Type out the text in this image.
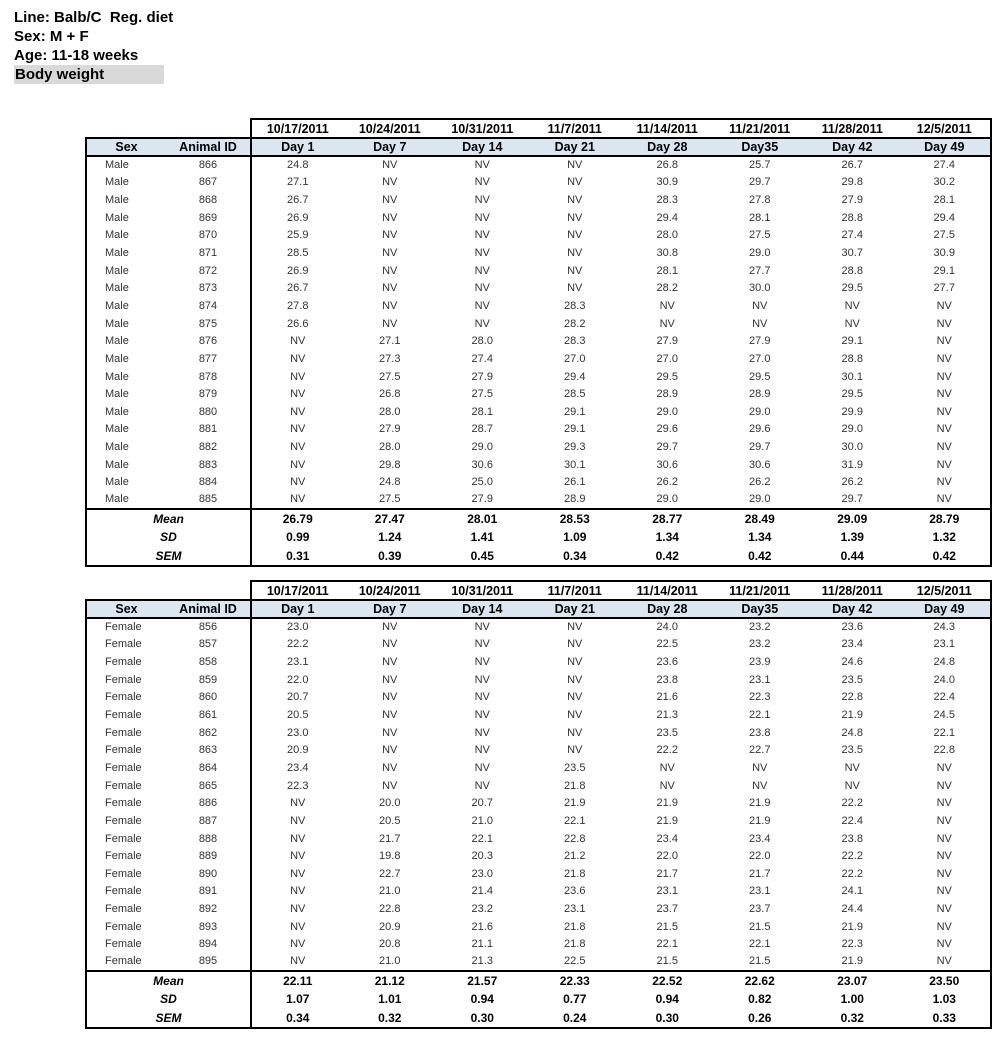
Line: Balb/C  Reg. diet
Sex: M + F
Age: 11-18 weeks
Body weight
		10/17/2011	10/24/2011	10/31/2011	11/7/2011	11/14/2011	11/21/2011	11/28/2011	12/5/2011
Sex	Animal ID	Day 1	Day 7	Day 14	Day 21	Day 28	Day35	Day 42	Day 49
Male	866	24.8	NV	NV	NV	26.8	25.7	26.7	27.4
Male	867	27.1	NV	NV	NV	30.9	29.7	29.8	30.2
Male	868	26.7	NV	NV	NV	28.3	27.8	27.9	28.1
Male	869	26.9	NV	NV	NV	29.4	28.1	28.8	29.4
Male	870	25.9	NV	NV	NV	28.0	27.5	27.4	27.5
Male	871	28.5	NV	NV	NV	30.8	29.0	30.7	30.9
Male	872	26.9	NV	NV	NV	28.1	27.7	28.8	29.1
Male	873	26.7	NV	NV	NV	28.2	30.0	29.5	27.7
Male	874	27.8	NV	NV	28.3	NV	NV	NV	NV
Male	875	26.6	NV	NV	28.2	NV	NV	NV	NV
Male	876	NV	27.1	28.0	28.3	27.9	27.9	29.1	NV
Male	877	NV	27.3	27.4	27.0	27.0	27.0	28.8	NV
Male	878	NV	27.5	27.9	29.4	29.5	29.5	30.1	NV
Male	879	NV	26.8	27.5	28.5	28.9	28.9	29.5	NV
Male	880	NV	28.0	28.1	29.1	29.0	29.0	29.9	NV
Male	881	NV	27.9	28.7	29.1	29.6	29.6	29.0	NV
Male	882	NV	28.0	29.0	29.3	29.7	29.7	30.0	NV
Male	883	NV	29.8	30.6	30.1	30.6	30.6	31.9	NV
Male	884	NV	24.8	25.0	26.1	26.2	26.2	26.2	NV
Male	885	NV	27.5	27.9	28.9	29.0	29.0	29.7	NV
Mean		26.79	27.47	28.01	28.53	28.77	28.49	29.09	28.79
SD		0.99	1.24	1.41	1.09	1.34	1.34	1.39	1.32
SEM		0.31	0.39	0.45	0.34	0.42	0.42	0.44	0.42
		10/17/2011	10/24/2011	10/31/2011	11/7/2011	11/14/2011	11/21/2011	11/28/2011	12/5/2011
Sex	Animal ID	Day 1	Day 7	Day 14	Day 21	Day 28	Day35	Day 42	Day 49
Female	856	23.0	NV	NV	NV	24.0	23.2	23.6	24.3
Female	857	22.2	NV	NV	NV	22.5	23.2	23.4	23.1
Female	858	23.1	NV	NV	NV	23.6	23.9	24.6	24.8
Female	859	22.0	NV	NV	NV	23.8	23.1	23.5	24.0
Female	860	20.7	NV	NV	NV	21.6	22.3	22.8	22.4
Female	861	20.5	NV	NV	NV	21.3	22.1	21.9	24.5
Female	862	23.0	NV	NV	NV	23.5	23.8	24.8	22.1
Female	863	20.9	NV	NV	NV	22.2	22.7	23.5	22.8
Female	864	23.4	NV	NV	23.5	NV	NV	NV	NV
Female	865	22.3	NV	NV	21.8	NV	NV	NV	NV
Female	886	NV	20.0	20.7	21.9	21.9	21.9	22.2	NV
Female	887	NV	20.5	21.0	22.1	21.9	21.9	22.4	NV
Female	888	NV	21.7	22.1	22.8	23.4	23.4	23.8	NV
Female	889	NV	19.8	20.3	21.2	22.0	22.0	22.2	NV
Female	890	NV	22.7	23.0	21.8	21.7	21.7	22.2	NV
Female	891	NV	21.0	21.4	23.6	23.1	23.1	24.1	NV
Female	892	NV	22.8	23.2	23.1	23.7	23.7	24.4	NV
Female	893	NV	20.9	21.6	21.8	21.5	21.5	21.9	NV
Female	894	NV	20.8	21.1	21.8	22.1	22.1	22.3	NV
Female	895	NV	21.0	21.3	22.5	21.5	21.5	21.9	NV
Mean		22.11	21.12	21.57	22.33	22.52	22.62	23.07	23.50
SD		1.07	1.01	0.94	0.77	0.94	0.82	1.00	1.03
SEM		0.34	0.32	0.30	0.24	0.30	0.26	0.32	0.33
